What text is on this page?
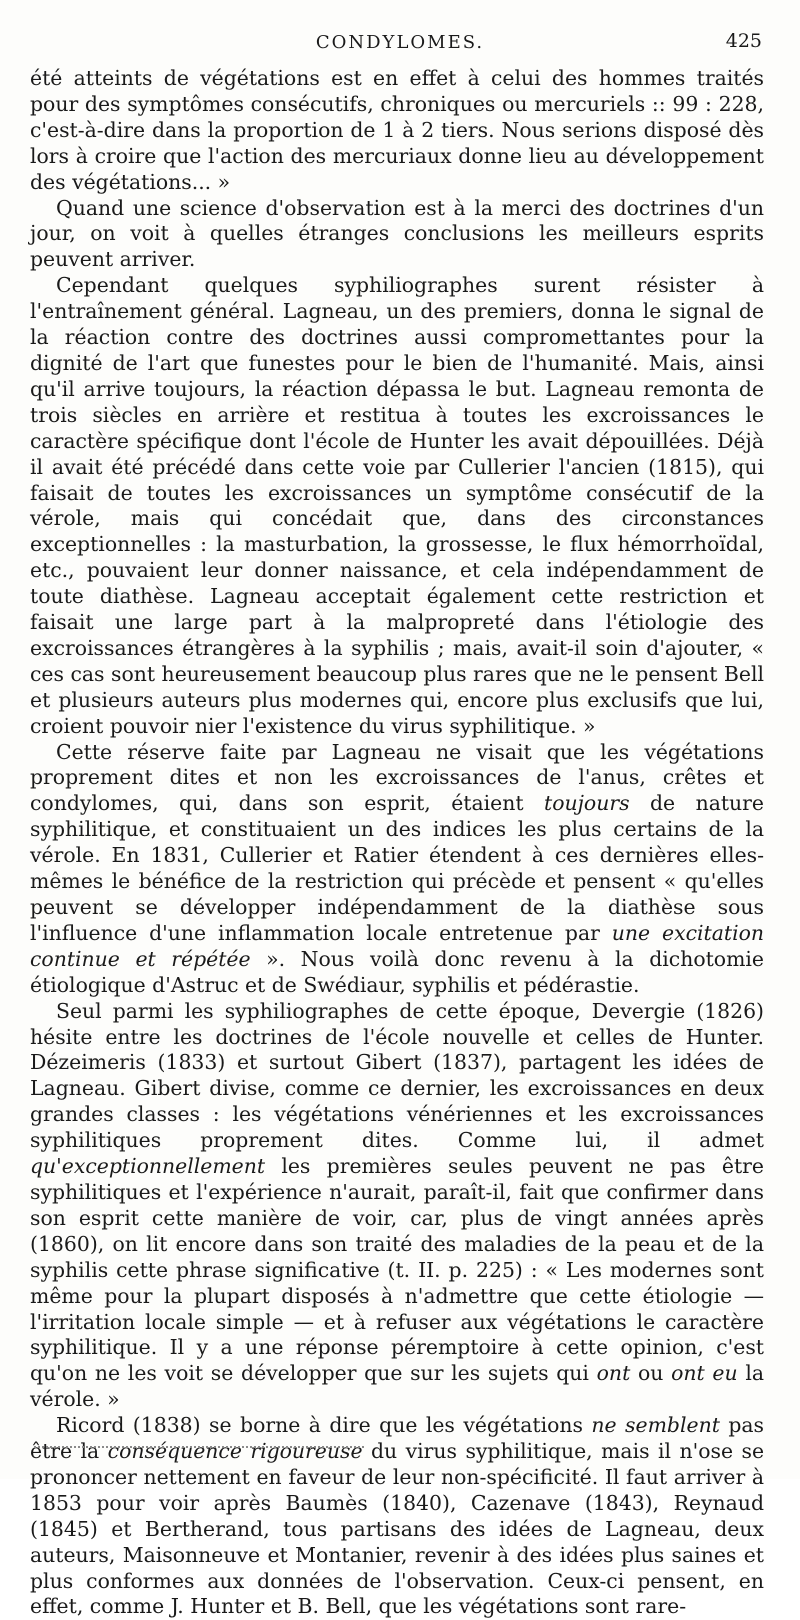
CONDYLOMES.	425

été atteints de végétations est en effet à celui des hommes traités pour des symptômes consécutifs, chroniques ou mercuriels :: 99 : 228, c'est-à-dire dans la proportion de 1 à 2 tiers. Nous serions disposé dès lors à croire que l'action des mercuriaux donne lieu au développement des végétations... »

Quand une science d'observation est à la merci des doctrines d'un jour, on voit à quelles étranges conclusions les meilleurs esprits peuvent arriver.

Cependant quelques syphiliographes surent résister à l'entraînement général. Lagneau, un des premiers, donna le signal de la réaction contre des doctrines aussi compromettantes pour la dignité de l'art que funestes pour le bien de l'humanité. Mais, ainsi qu'il arrive toujours, la réaction dépassa le but. Lagneau remonta de trois siècles en arrière et restitua à toutes les excroissances le caractère spécifique dont l'école de Hunter les avait dépouillées. Déjà il avait été précédé dans cette voie par Cullerier l'ancien (1815), qui faisait de toutes les excroissances un symptôme consécutif de la vérole, mais qui concédait que, dans des circonstances exceptionnelles : la masturbation, la grossesse, le flux hémorrhoïdal, etc., pouvaient leur donner naissance, et cela indépendamment de toute diathèse. Lagneau acceptait également cette restriction et faisait une large part à la malpropreté dans l'étiologie des excroissances étrangères à la syphilis ; mais, avait-il soin d'ajouter, « ces cas sont heureusement beaucoup plus rares que ne le pensent Bell et plusieurs auteurs plus modernes qui, encore plus exclusifs que lui, croient pouvoir nier l'existence du virus syphilitique. »

Cette réserve faite par Lagneau ne visait que les végétations proprement dites et non les excroissances de l'anus, crêtes et condylomes, qui, dans son esprit, étaient toujours de nature syphilitique, et constituaient un des indices les plus certains de la vérole. En 1831, Cullerier et Ratier étendent à ces dernières elles-mêmes le bénéfice de la restriction qui précède et pensent « qu'elles peuvent se développer indépendamment de la diathèse sous l'influence d'une inflammation locale entretenue par une excitation continue et répétée ». Nous voilà donc revenu à la dichotomie étiologique d'Astruc et de Swédiaur, syphilis et pédérastie.

Seul parmi les syphiliographes de cette époque, Devergie (1826) hésite entre les doctrines de l'école nouvelle et celles de Hunter. Dézeimeris (1833) et surtout Gibert (1837), partagent les idées de Lagneau. Gibert divise, comme ce dernier, les excroissances en deux grandes classes : les végétations vénériennes et les excroissances syphilitiques proprement dites. Comme lui, il admet qu'exceptionnellement les premières seules peuvent ne pas être syphilitiques et l'expérience n'aurait, paraît-il, fait que confirmer dans son esprit cette manière de voir, car, plus de vingt années après (1860), on lit encore dans son traité des maladies de la peau et de la syphilis cette phrase significative (t. II. p. 225) : « Les modernes sont même pour la plupart disposés à n'admettre que cette étiologie — l'irritation locale simple — et à refuser aux végétations le caractère syphilitique. Il y a une réponse péremptoire à cette opinion, c'est qu'on ne les voit se développer que sur les sujets qui ont ou ont eu la vérole. »

Ricord (1838) se borne à dire que les végétations ne semblent pas être la conséquence rigoureuse du virus syphilitique, mais il n'ose se prononcer nettement en faveur de leur non-spécificité. Il faut arriver à 1853 pour voir après Baumès (1840), Cazenave (1843), Reynaud (1845) et Bertherand, tous partisans des idées de Lagneau, deux auteurs, Maisonneuve et Montanier, revenir à des idées plus saines et plus conformes aux données de l'observation. Ceux-ci pensent, en effet, comme J. Hunter et B. Bell, que les végétations sont rare-
